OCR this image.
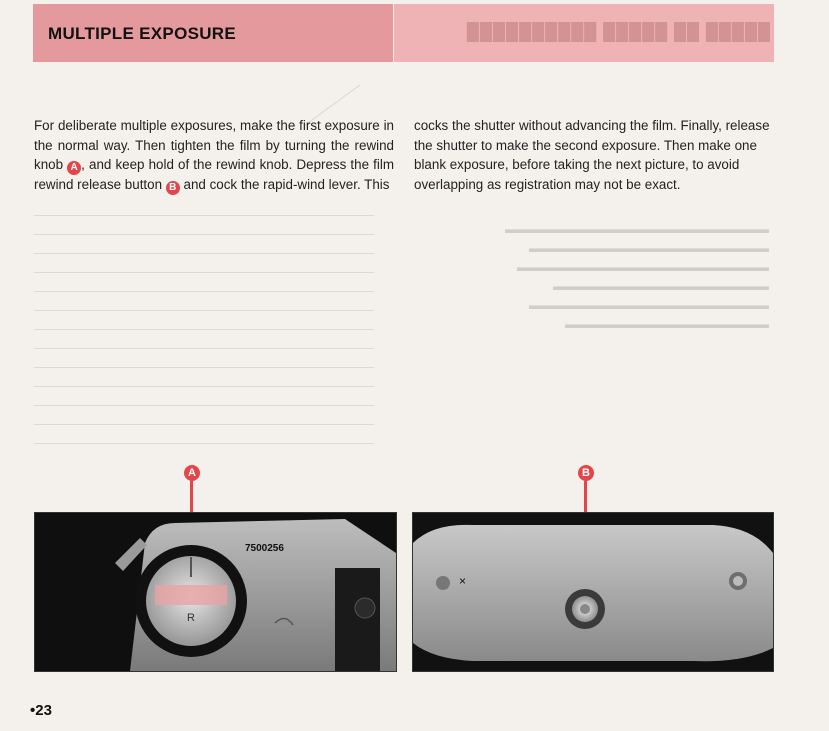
█████ ██ █████ ██████████
MULTIPLE EXPOSURE
For deliberate multiple exposures, make the first exposure in the normal way. Then tighten the film by turning the rewind knob A , and keep hold of the rewind knob. Depress the film rewind release button B and cock the rapid-wind lever. This
cocks the shutter without advancing the film. Finally, release the shutter to make the second exposure. Then make one blank exposure, before taking the next picture, to avoid overlapping as registration may not be exact.
▬▬▬▬▬▬▬▬▬▬▬▬▬▬▬▬▬▬▬▬▬▬
▬▬▬▬▬▬▬▬▬▬▬▬▬▬▬▬▬▬▬▬
▬▬▬▬▬▬▬▬▬▬▬▬▬▬▬▬▬▬▬▬▬
▬▬▬▬▬▬▬▬▬▬▬▬▬▬▬▬▬▬
▬▬▬▬▬▬▬▬▬▬▬▬▬▬▬▬▬▬▬▬
▬▬▬▬▬▬▬▬▬▬▬▬▬▬▬▬▬
A	B
R
7500256
×
•23
